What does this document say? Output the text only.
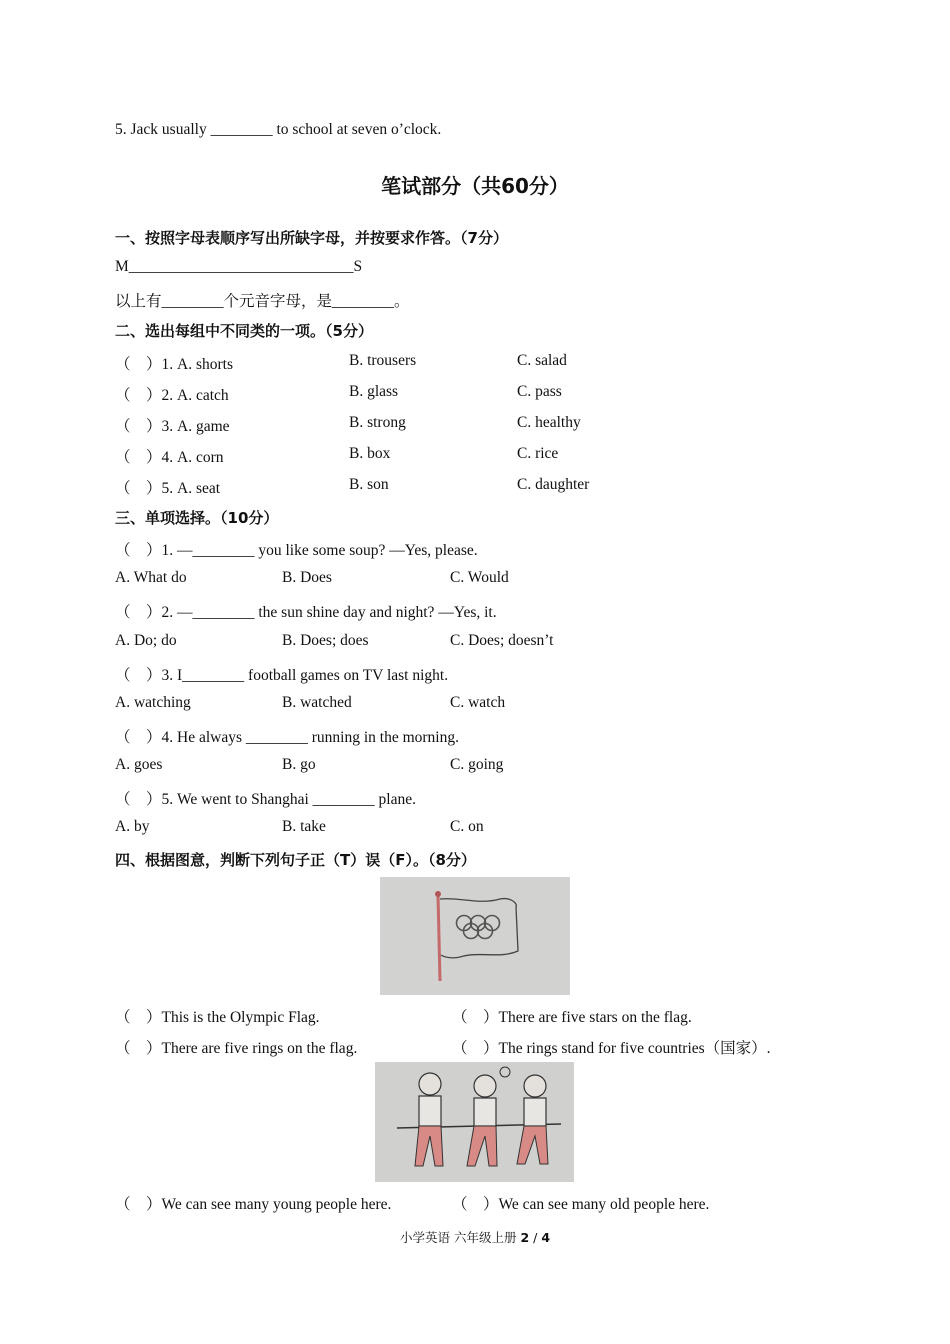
5. Jack usually ________ to school at seven o’clock.
笔试部分（共60分）
一、按照字母表顺序写出所缺字母，并按要求作答。（7分）
M_____________________________S
以上有________个元音字母，是________。
二、选出每组中不同类的一项。（5分）
（　）1. A. shorts	B. trousers	C. salad
（　）2. A. catch	B. glass	C. pass
（　）3. A. game	B. strong	C. healthy
（　）4. A. corn	B. box	C. rice
（　）5. A. seat	B. son	C. daughter
三、单项选择。（10分）
（　）1. —________ you like some soup? —Yes, please.
A. What do	B. Does	C. Would
（　）2. —________ the sun shine day and night? —Yes, it.
A. Do; do	B. Does; does	C. Does; doesn’t
（　）3. I________ football games on TV last night.
A. watching	B. watched	C. watch
（　）4. He always ________ running in the morning.
A. goes	B. go	C. going
（　）5. We went to Shanghai ________ plane.
A. by	B. take	C. on
四、根据图意，判断下列句子正（T）误（F）。（8分）
（　）This is the Olympic Flag.	（　）There are five stars on the flag.
（　）There are five rings on the flag.	（　）The rings stand for five countries（国家）.
（　）We can see many young people here.	（　）We can see many old people here.
小学英语 六年级上册 2 / 4
